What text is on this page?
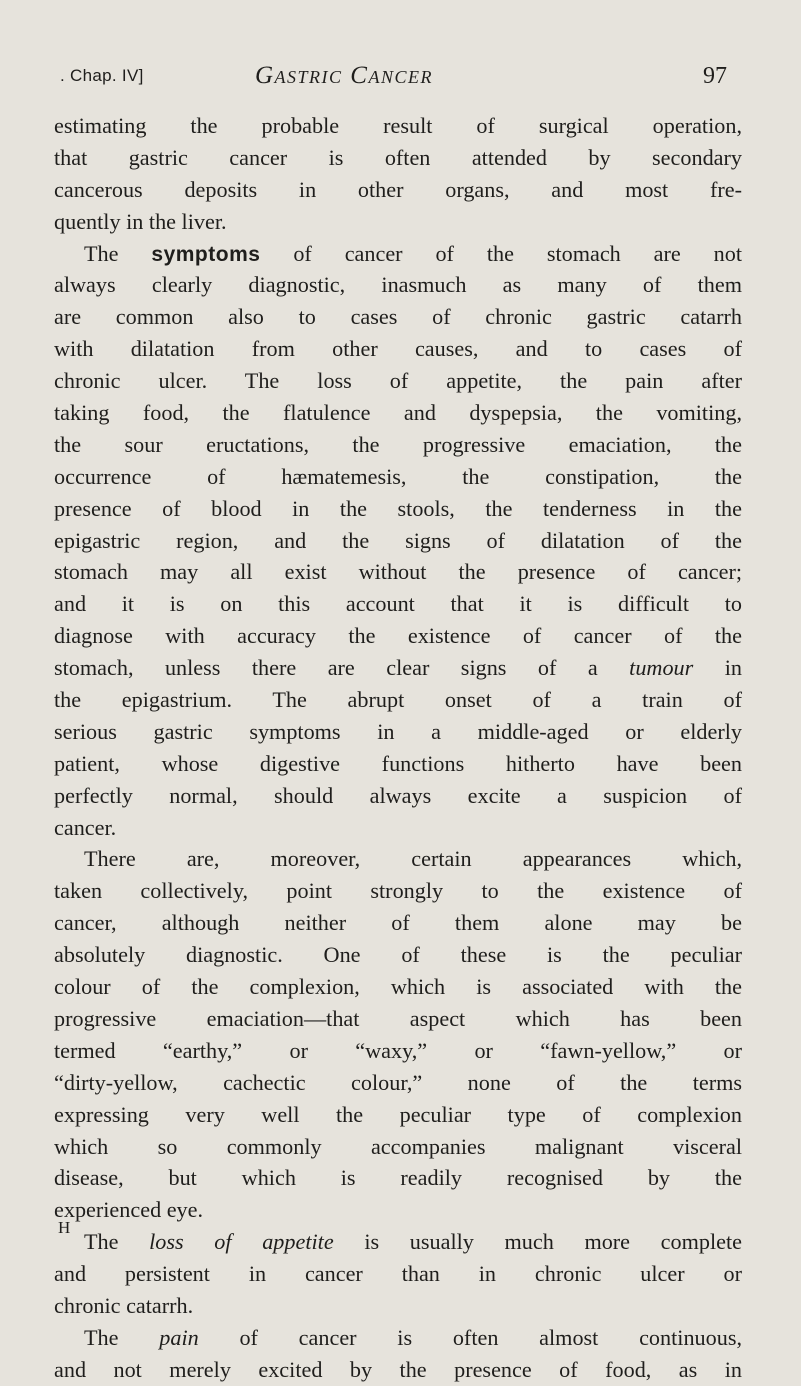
. Chap. IV]	Gastric Cancer	97
estimating the probable result of surgical operation,
that gastric cancer is often attended by secondary
cancerous deposits in other organs, and most fre-
quently in the liver.
The symptoms of cancer of the stomach are not
always clearly diagnostic, inasmuch as many of them
are common also to cases of chronic gastric catarrh
with dilatation from other causes, and to cases of
chronic ulcer. The loss of appetite, the pain after
taking food, the flatulence and dyspepsia, the vomiting,
the sour eructations, the progressive emaciation, the
occurrence of hæmatemesis, the constipation, the
presence of blood in the stools, the tenderness in the
epigastric region, and the signs of dilatation of the
stomach may all exist without the presence of cancer;
and it is on this account that it is difficult to
diagnose with accuracy the existence of cancer of the
stomach, unless there are clear signs of a tumour in
the epigastrium. The abrupt onset of a train of
serious gastric symptoms in a middle-aged or elderly
patient, whose digestive functions hitherto have been
perfectly normal, should always excite a suspicion of
cancer.
There are, moreover, certain appearances which,
taken collectively, point strongly to the existence of
cancer, although neither of them alone may be
absolutely diagnostic. One of these is the peculiar
colour of the complexion, which is associated with the
progressive emaciation—that aspect which has been
termed “earthy,” or “waxy,” or “fawn-yellow,” or
“dirty-yellow, cachectic colour,” none of the terms
expressing very well the peculiar type of complexion
which so commonly accompanies malignant visceral
disease, but which is readily recognised by the
experienced eye.
The loss of appetite is usually much more complete
and persistent in cancer than in chronic ulcer or
chronic catarrh.
The pain of cancer is often almost continuous,
and not merely excited by the presence of food, as in
H
